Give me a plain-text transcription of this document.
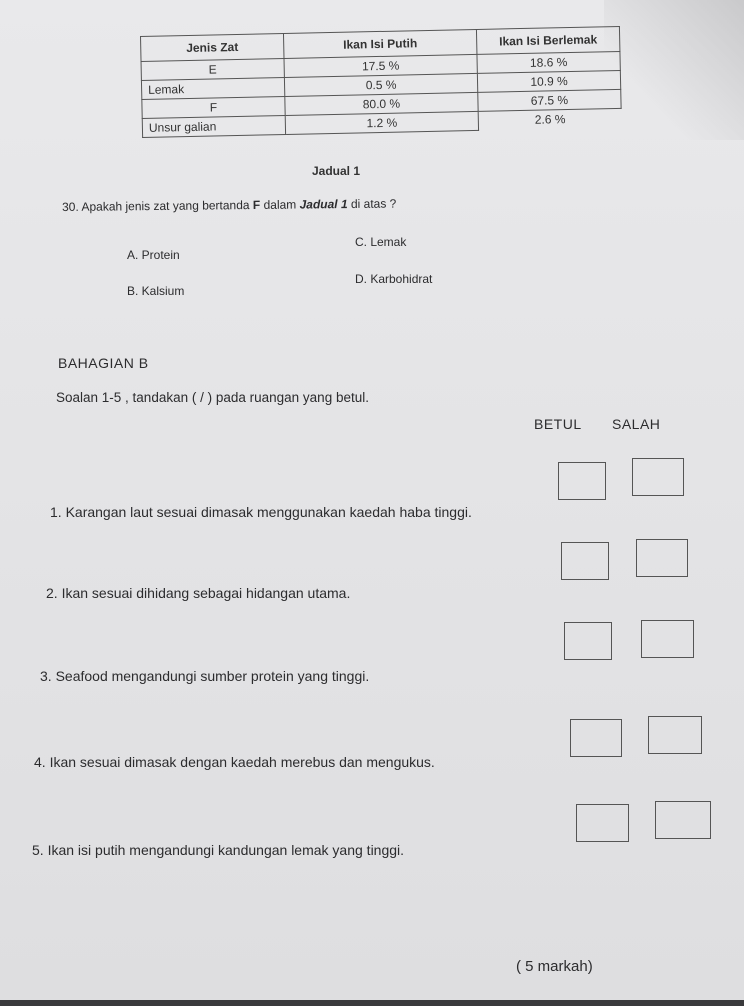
Jenis Zat	Ikan Isi Putih	Ikan Isi Berlemak
E	17.5 %	18.6 %
Lemak	0.5 %	10.9 %
F	80.0 %	67.5 %
Unsur galian	1.2 %	2.6 %
Jadual 1
30. Apakah jenis zat yang bertanda F dalam Jadual 1 di atas ?
A. Protein
C. Lemak
B. Kalsium
D. Karbohidrat
BAHAGIAN B
Soalan 1-5 , tandakan ( / ) pada ruangan yang betul.
BETUL SALAH
1. Karangan laut sesuai dimasak menggunakan kaedah haba tinggi.
2. Ikan sesuai dihidang sebagai hidangan utama.
3. Seafood mengandungi sumber protein yang tinggi.
4. Ikan sesuai dimasak dengan kaedah merebus dan mengukus.
5. Ikan isi putih mengandungi kandungan lemak yang tinggi.
( 5 markah)
